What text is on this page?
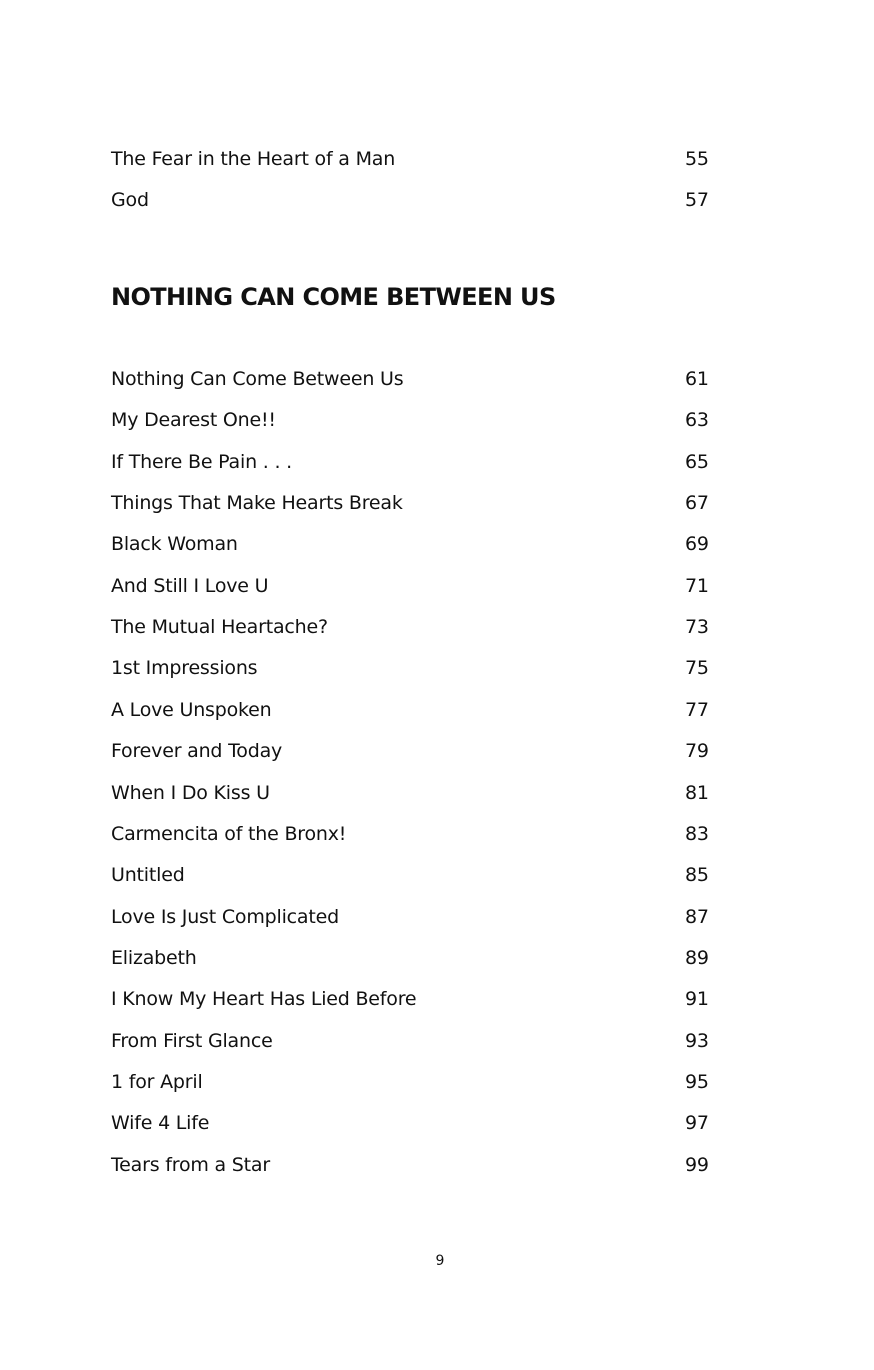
The Fear in the Heart of a Man	55
God	57
NOTHING CAN COME BETWEEN US
Nothing Can Come Between Us	61
My Dearest One!!	63
If There Be Pain . . .	65
Things That Make Hearts Break	67
Black Woman	69
And Still I Love U	71
The Mutual Heartache?	73
1st Impressions	75
A Love Unspoken	77
Forever and Today	79
When I Do Kiss U	81
Carmencita of the Bronx!	83
Untitled	85
Love Is Just Complicated	87
Elizabeth	89
I Know My Heart Has Lied Before	91
From First Glance	93
1 for April	95
Wife 4 Life	97
Tears from a Star	99
9
